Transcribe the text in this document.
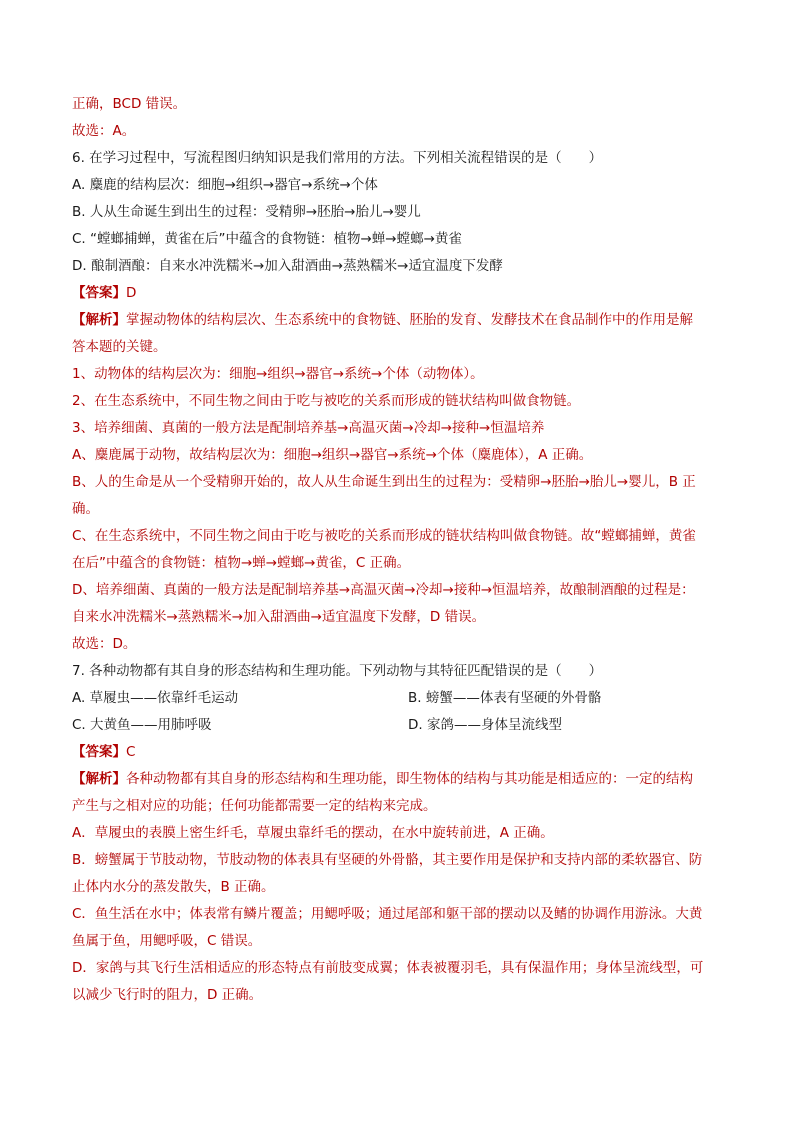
正确，BCD 错误。
故选：A。
6. 在学习过程中，写流程图归纳知识是我们常用的方法。下列相关流程错误的是（　　）
A. 麋鹿的结构层次：细胞→组织→器官→系统→个体
B. 人从生命诞生到出生的过程：受精卵→胚胎→胎儿→婴儿
C. “螳螂捕蝉，黄雀在后”中蕴含的食物链：植物→蝉→螳螂→黄雀
D. 酿制酒酿：自来水冲洗糯米→加入甜酒曲→蒸熟糯米→适宜温度下发酵
【答案】D
【解析】掌握动物体的结构层次、生态系统中的食物链、胚胎的发育、发酵技术在食品制作中的作用是解
答本题的关键。
1、动物体的结构层次为：细胞→组织→器官→系统→个体（动物体）。
2、在生态系统中，不同生物之间由于吃与被吃的关系而形成的链状结构叫做食物链。
3、培养细菌、真菌的一般方法是配制培养基→高温灭菌→冷却→接种→恒温培养
A、麋鹿属于动物，故结构层次为：细胞→组织→器官→系统→个体（麋鹿体），A 正确。
B、人的生命是从一个受精卵开始的，故人从生命诞生到出生的过程为：受精卵→胚胎→胎儿→婴儿，B 正
确。
C、在生态系统中，不同生物之间由于吃与被吃的关系而形成的链状结构叫做食物链。故“螳螂捕蝉，黄雀
在后”中蕴含的食物链：植物→蝉→螳螂→黄雀，C 正确。
D、培养细菌、真菌的一般方法是配制培养基→高温灭菌→冷却→接种→恒温培养，故酿制酒酿的过程是：
自来水冲洗糯米→蒸熟糯米→加入甜酒曲→适宜温度下发酵，D 错误。
故选：D。
7. 各种动物都有其自身的形态结构和生理功能。下列动物与其特征匹配错误的是（　　）
A. 草履虫——依靠纤毛运动	B. 螃蟹——体表有坚硬的外骨骼
C. 大黄鱼——用肺呼吸	D. 家鸽——身体呈流线型
【答案】C
【解析】各种动物都有其自身的形态结构和生理功能，即生物体的结构与其功能是相适应的：一定的结构
产生与之相对应的功能；任何功能都需要一定的结构来完成。
A．草履虫的表膜上密生纤毛，草履虫靠纤毛的摆动，在水中旋转前进，A 正确。
B．螃蟹属于节肢动物，节肢动物的体表具有坚硬的外骨骼，其主要作用是保护和支持内部的柔软器官、防
止体内水分的蒸发散失，B 正确。
C．鱼生活在水中；体表常有鳞片覆盖；用鳃呼吸；通过尾部和躯干部的摆动以及鳍的协调作用游泳。大黄
鱼属于鱼，用鳃呼吸，C 错误。
D．家鸽与其飞行生活相适应的形态特点有前肢变成翼；体表被覆羽毛，具有保温作用；身体呈流线型，可
以减少飞行时的阻力，D 正确。
